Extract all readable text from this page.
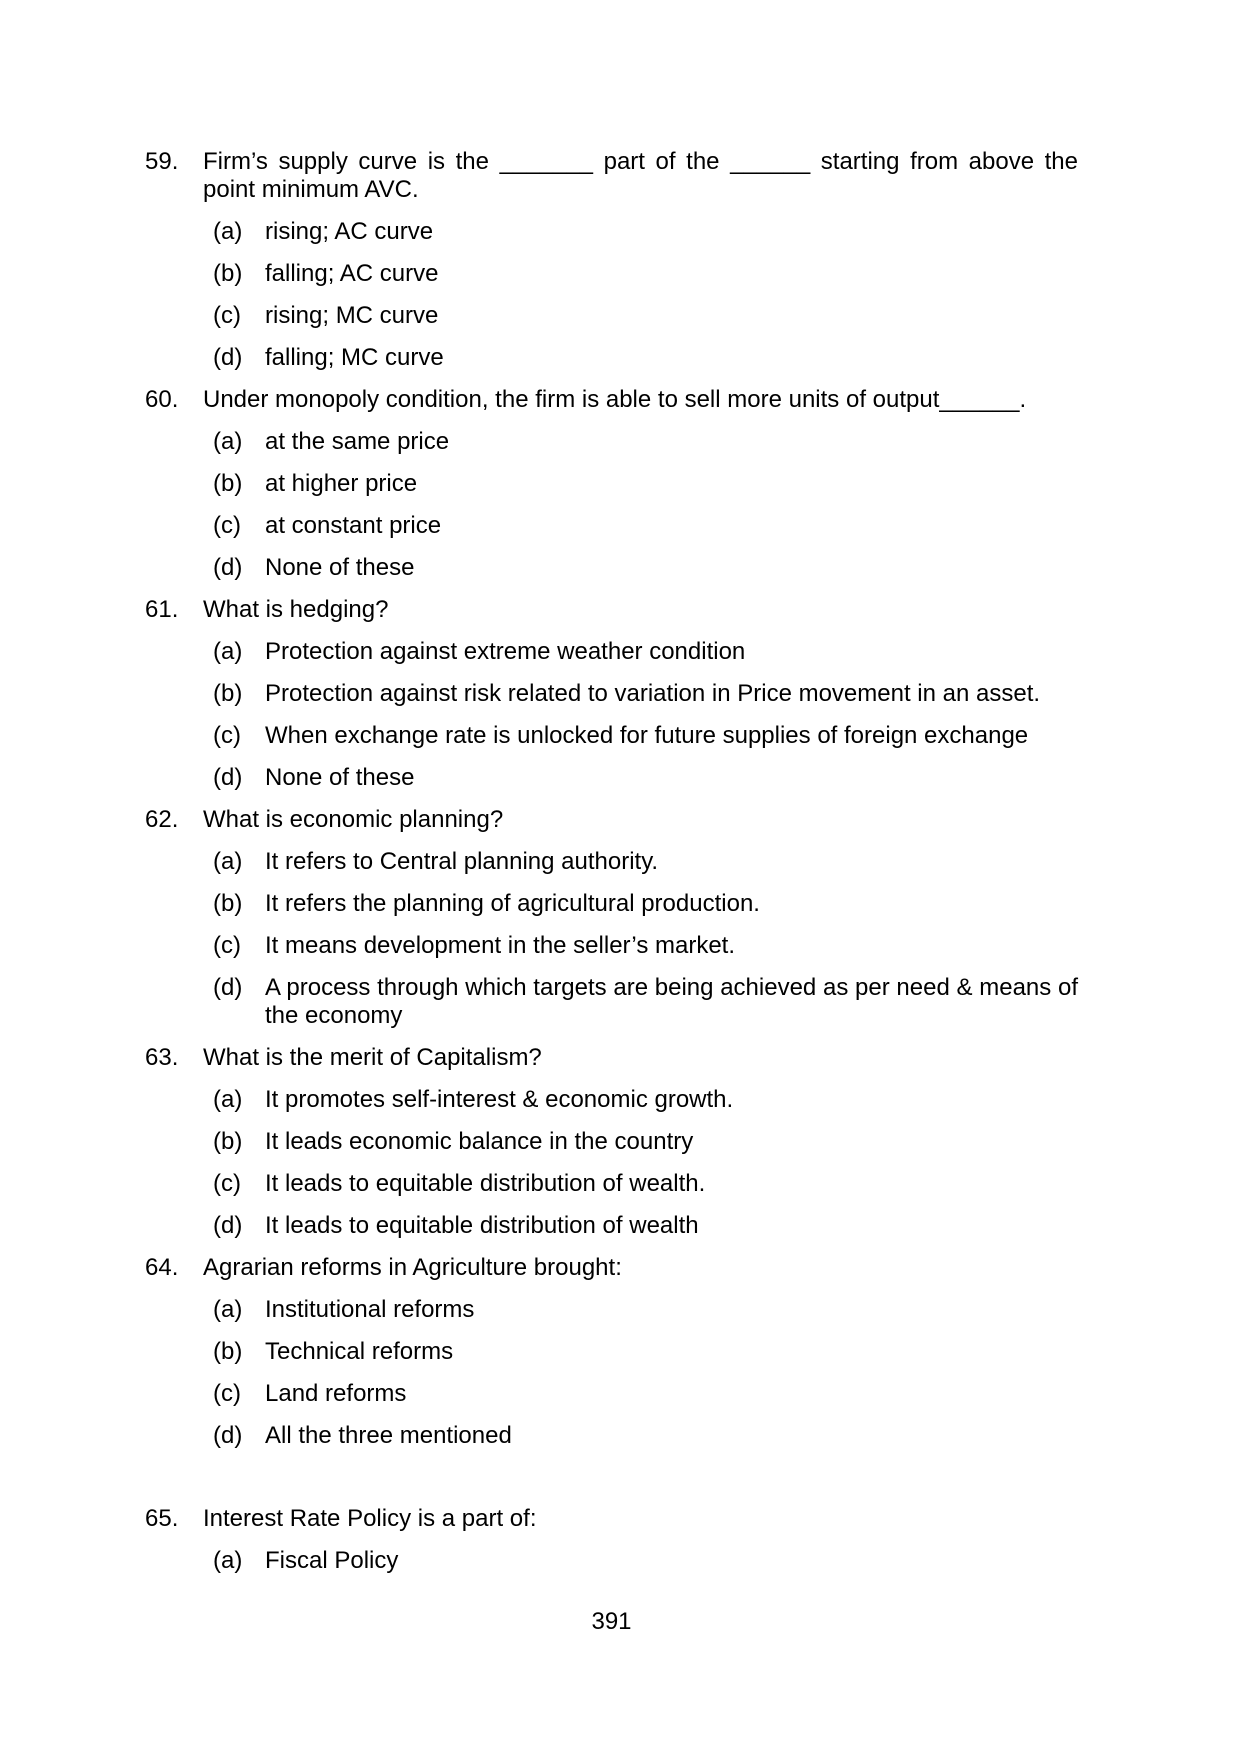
59.	Firm’s supply curve is the _______ part of the ______ starting from above the point minimum AVC.
(a) rising; AC curve
(b) falling; AC curve
(c)	rising; MC curve
(d) falling; MC curve
60.	Under monopoly condition, the firm is able to sell more units of output______.
(a) at the same price
(b) at higher price
(c)	at constant price
(d) None of these
61.	What is hedging?
(a) Protection against extreme weather condition
(b) Protection against risk related to variation in Price movement in an asset.
(c)	When exchange rate is unlocked for future supplies of foreign exchange
(d) None of these
62.	What is economic planning?
(a) It refers to Central planning authority.
(b) It refers the planning of agricultural production.
(c)	It means development in the seller’s market.
(d) A process through which targets are being achieved as per need & means of the economy
63.	What is the merit of Capitalism?
(a) It promotes self-interest & economic growth.
(b) It leads economic balance in the country
(c)	It leads to equitable distribution of wealth.
(d) It leads to equitable distribution of wealth
64.	Agrarian reforms in Agriculture brought:
(a) Institutional reforms
(b) Technical reforms
(c)	Land reforms
(d) All the three mentioned
65.	Interest Rate Policy is a part of:
(a) Fiscal Policy
391
